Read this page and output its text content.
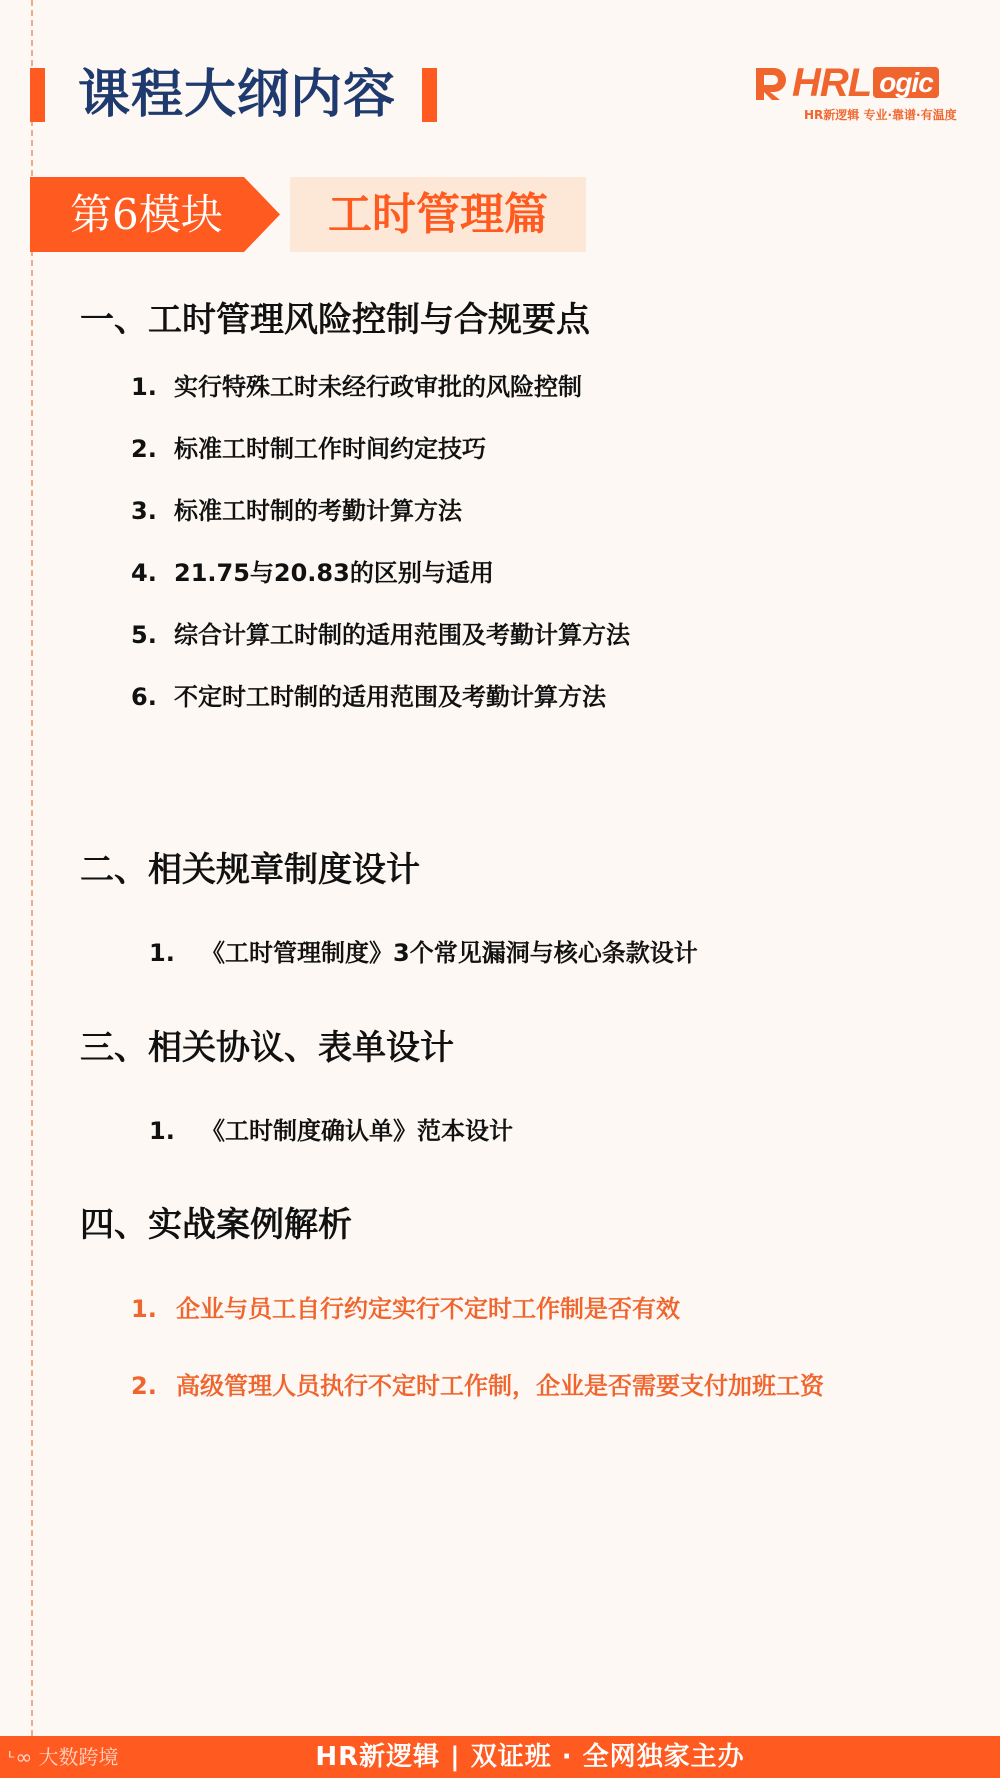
课程大纲内容	HRL ogic
HR新逻辑 专业·靠谱·有温度
第6模块	工时管理篇
一、工时管理风险控制与合规要点
1. 实行特殊工时未经行政审批的风险控制
2. 标准工时制工作时间约定技巧
3. 标准工时制的考勤计算方法
4. 21.75与20.83的区别与适用
5. 综合计算工时制的适用范围及考勤计算方法
6. 不定时工时制的适用范围及考勤计算方法
二、相关规章制度设计
1. 《工时管理制度》3个常见漏洞与核心条款设计
三、相关协议、表单设计
1. 《工时制度确认单》范本设计
四、实战案例解析
1. 企业与员工自行约定实行不定时工作制是否有效
2. 高级管理人员执行不定时工作制，企业是否需要支付加班工资
HR新逻辑 | 双证班 · 全网独家主办
ᶫ∞ 大数跨境
